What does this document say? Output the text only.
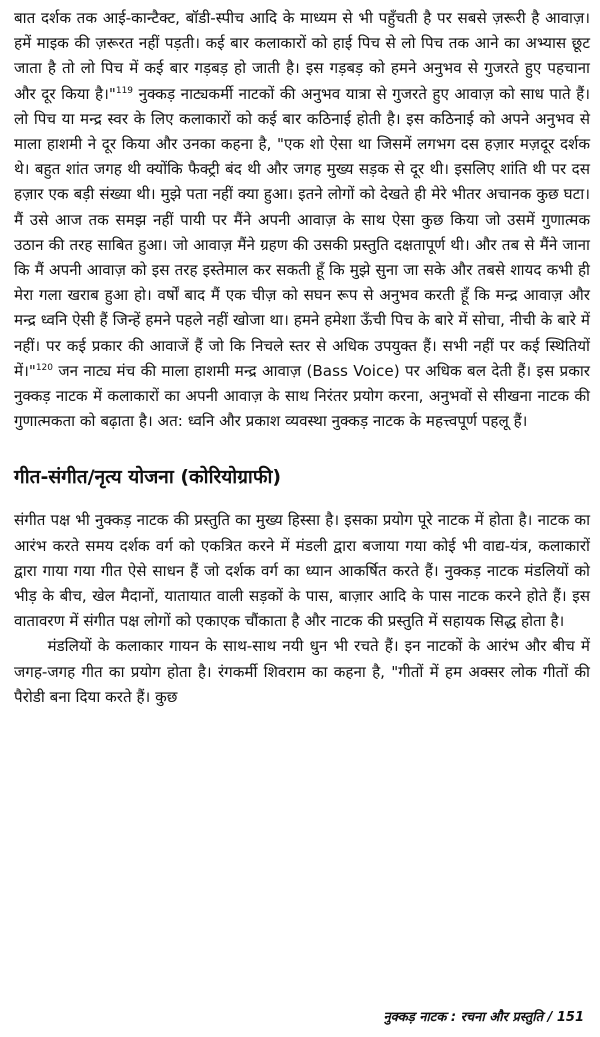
बात दर्शक तक आई-कान्टैक्ट, बॉडी-स्पीच आदि के माध्यम से भी पहुँचती है पर सबसे ज़रूरी है आवाज़। हमें माइक की ज़रूरत नहीं पड़ती। कई बार कलाकारों को हाई पिच से लो पिच तक आने का अभ्यास छूट जाता है तो लो पिच में कई बार गड़बड़ हो जाती है। इस गड़बड़ को हमने अनुभव से गुजरते हुए पहचाना और दूर किया है।"$^{119}$ नुक्कड़ नाट्यकर्मी नाटकों की अनुभव यात्रा से गुजरते हुए आवाज़ को साध पाते हैं। लो पिच या मन्द्र स्वर के लिए कलाकारों को कई बार कठिनाई होती है। इस कठिनाई को अपने अनुभव से माला हाशमी ने दूर किया और उनका कहना है, "एक शो ऐसा था जिसमें लगभग दस हज़ार मज़दूर दर्शक थे। बहुत शांत जगह थी क्योंकि फैक्ट्री बंद थी और जगह मुख्य सड़क से दूर थी। इसलिए शांति थी पर दस हज़ार एक बड़ी संख्या थी। मुझे पता नहीं क्या हुआ। इतने लोगों को देखते ही मेरे भीतर अचानक कुछ घटा। मैं उसे आज तक समझ नहीं पायी पर मैंने अपनी आवाज़ के साथ ऐसा कुछ किया जो उसमें गुणात्मक उठान की तरह साबित हुआ। जो आवाज़ मैंने ग्रहण की उसकी प्रस्तुति दक्षतापूर्ण थी। और तब से मैंने जाना कि मैं अपनी आवाज़ को इस तरह इस्तेमाल कर सकती हूँ कि मुझे सुना जा सके और तबसे शायद कभी ही मेरा गला खराब हुआ हो। वर्षों बाद मैं एक चीज़ को सघन रूप से अनुभव करती हूँ कि मन्द्र आवाज़ और मन्द्र ध्वनि ऐसी हैं जिन्हें हमने पहले नहीं खोजा था। हमने हमेशा ऊँची पिच के बारे में सोचा, नीची के बारे में नहीं। पर कई प्रकार की आवाजें हैं जो कि निचले स्तर से अधिक उपयुक्त हैं। सभी नहीं पर कई स्थितियों में।"$^{120}$ जन नाट्य मंच की माला हाशमी मन्द्र आवाज़ (Bass Voice) पर अधिक बल देती हैं। इस प्रकार नुक्कड़ नाटक में कलाकारों का अपनी आवाज़ के साथ निरंतर प्रयोग करना, अनुभवों से सीखना नाटक की गुणात्मकता को बढ़ाता है। अत: ध्वनि और प्रकाश व्यवस्था नुक्कड़ नाटक के महत्त्वपूर्ण पहलू हैं।

गीत-संगीत/नृत्य योजना (कोरियोग्राफी)

संगीत पक्ष भी नुक्कड़ नाटक की प्रस्तुति का मुख्य हिस्सा है। इसका प्रयोग पूरे नाटक में होता है। नाटक का आरंभ करते समय दर्शक वर्ग को एकत्रित करने में मंडली द्वारा बजाया गया कोई भी वाद्य-यंत्र, कलाकारों द्वारा गाया गया गीत ऐसे साधन हैं जो दर्शक वर्ग का ध्यान आकर्षित करते हैं। नुक्कड़ नाटक मंडलियों को भीड़ के बीच, खेल मैदानों, यातायात वाली सड़कों के पास, बाज़ार आदि के पास नाटक करने होते हैं। इस वातावरण में संगीत पक्ष लोगों को एकाएक चौंकाता है और नाटक की प्रस्तुति में सहायक सिद्ध होता है।

मंडलियों के कलाकार गायन के साथ-साथ नयी धुन भी रचते हैं। इन नाटकों के आरंभ और बीच में जगह-जगह गीत का प्रयोग होता है। रंगकर्मी शिवराम का कहना है, "गीतों में हम अक्सर लोक गीतों की पैरोडी बना दिया करते हैं। कुछ

नुक्कड़ नाटक : रचना और प्रस्तुति / 151
